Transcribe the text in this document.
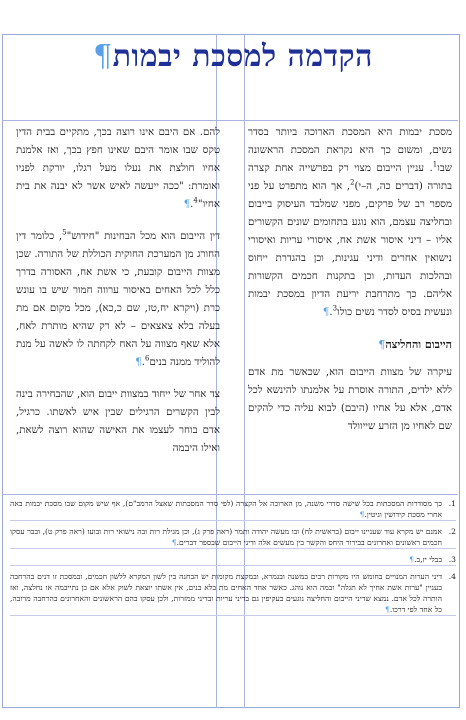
הקדמה למסכת יבמות¶

מסכת יבמות היא המסכת הארוכה ביותר בסדר נשים, ומשום כך היא נקראת המסכת הראשונה שבו$^1$. עניין הייבום מצוי רק בפרשייה אחת קצרה בתורה (דברים כה, ה–י)$^2$, אך הוא מתפרט על פני מספר רב של פרקים, מפני שמלבד העיסוק בייבום ובחליצה עצמם, הוא נוגע בתחומים שונים הקשורים אליו – דיני איסור אשת אח, איסורי עריות ואיסורי נישואין אחרים ודיני עגינות, וכן בהגדרת ייחוס ובהלכות העדות, וכן בתקנות חכמים הקשורות אליהם. כך מתרחבת יריעת הדיון במסכת יבמות ונעשית בסיס לסדר נשים כולו$^3$.¶

הייבום והחליצה¶

עיקרה של מצוות הייבום הוא, שכאשר מת אדם ללא ילדים, התורה אוסרת על אלמנתו להינשא לכל אדם, אלא על אחיו (היבם) לבוא עליה כדי להקים שם לאחיו מן הזרע שייוולד

להם. אם היבם אינו רוצה בכך, מתקיים בבית הדין טקס שבו אומר היבם שאינו חפץ בכך, ואז אלמנת אחיו חולצת את נעלו מעל רגלו, יורקת לפניו ואומרת: "ככה ייעשה לאיש אשר לא יבנה את בית אחיו"$^4$.¶

דין הייבום הוא מכל הבחינות "חידוש"$^5$, כלומר דין החורג מן המערכת החוקית הכוללת של התורה. שכן מצוות הייבום קובעת, כי אשת אח, האסורה בדרך כלל לכל האחים באיסור ערווה חמור שיש בו עונש כרת (ויקרא יח,טז, שם כ,כא), מכל מקום אם מת בעלה בלא צאצאים – לא רק שהיא מותרת לאח, אלא שאף מצווה על האח לקחתה לו לאשה על מנת להוליד ממנה בנים$^6$.¶

צד אחר של ייחוד במצוות ייבום הוא, שהבחירה בינה לבין הקשרים הרגילים שבין איש לאשתו. כרגיל, אדם בוחר לעצמו את האישה שהוא רוצה לשאת, ואילו היבמה

1.
כך מסודרות המסכתות בכל שישה סדרי משנה, מן הארוכה אל הקצרה (לפי סדר המסכתות שאצל הרמב"ם), אף שיש מקום שבו מסכת יבמות באה אחרי מסכת קידושין וגיטין.¶
2.
אמנם יש מקרא עוד שעניינו ייבום (בראשית לח) ובו מעשה יהודה ותמר (ראה פרק ג), וכן מגילת רות ובה נישואי רות ובועז (ראה פרק ט), וכבר עסקו חכמים ראשונים ואחרונים בבירור היחס והקשר בין מעשים אלה ודיני הייבום שבספר דברים.¶
3.
בבלי יז,ב.¶
4.
דיני הערות המנויים בחומש היו מקורות רבים במשנה ובגמרא, ובמקצת מקומות יש הבחנה בין לשון המקרא ללשון חכמים, ובמסכת זו דנים בהרחבה בעניין "ערות אשת אחיך לא תגלה" ובמה הוא נוהג. כאשר אחד האחים מת בלא בנים, אין אשתו יוצאת לשוק אלא אם כן נתייבמה או נחלצה, ואז הותרה לכל אדם. נמצא שדיני הייבום והחליצה נוגעים בעקיפין גם בדיני עריות ובדיני ממזרות, ולכן עסקו בהם הראשונים והאחרונים בהרחבה מרובה, כל אחד לפי דרכו.¶
